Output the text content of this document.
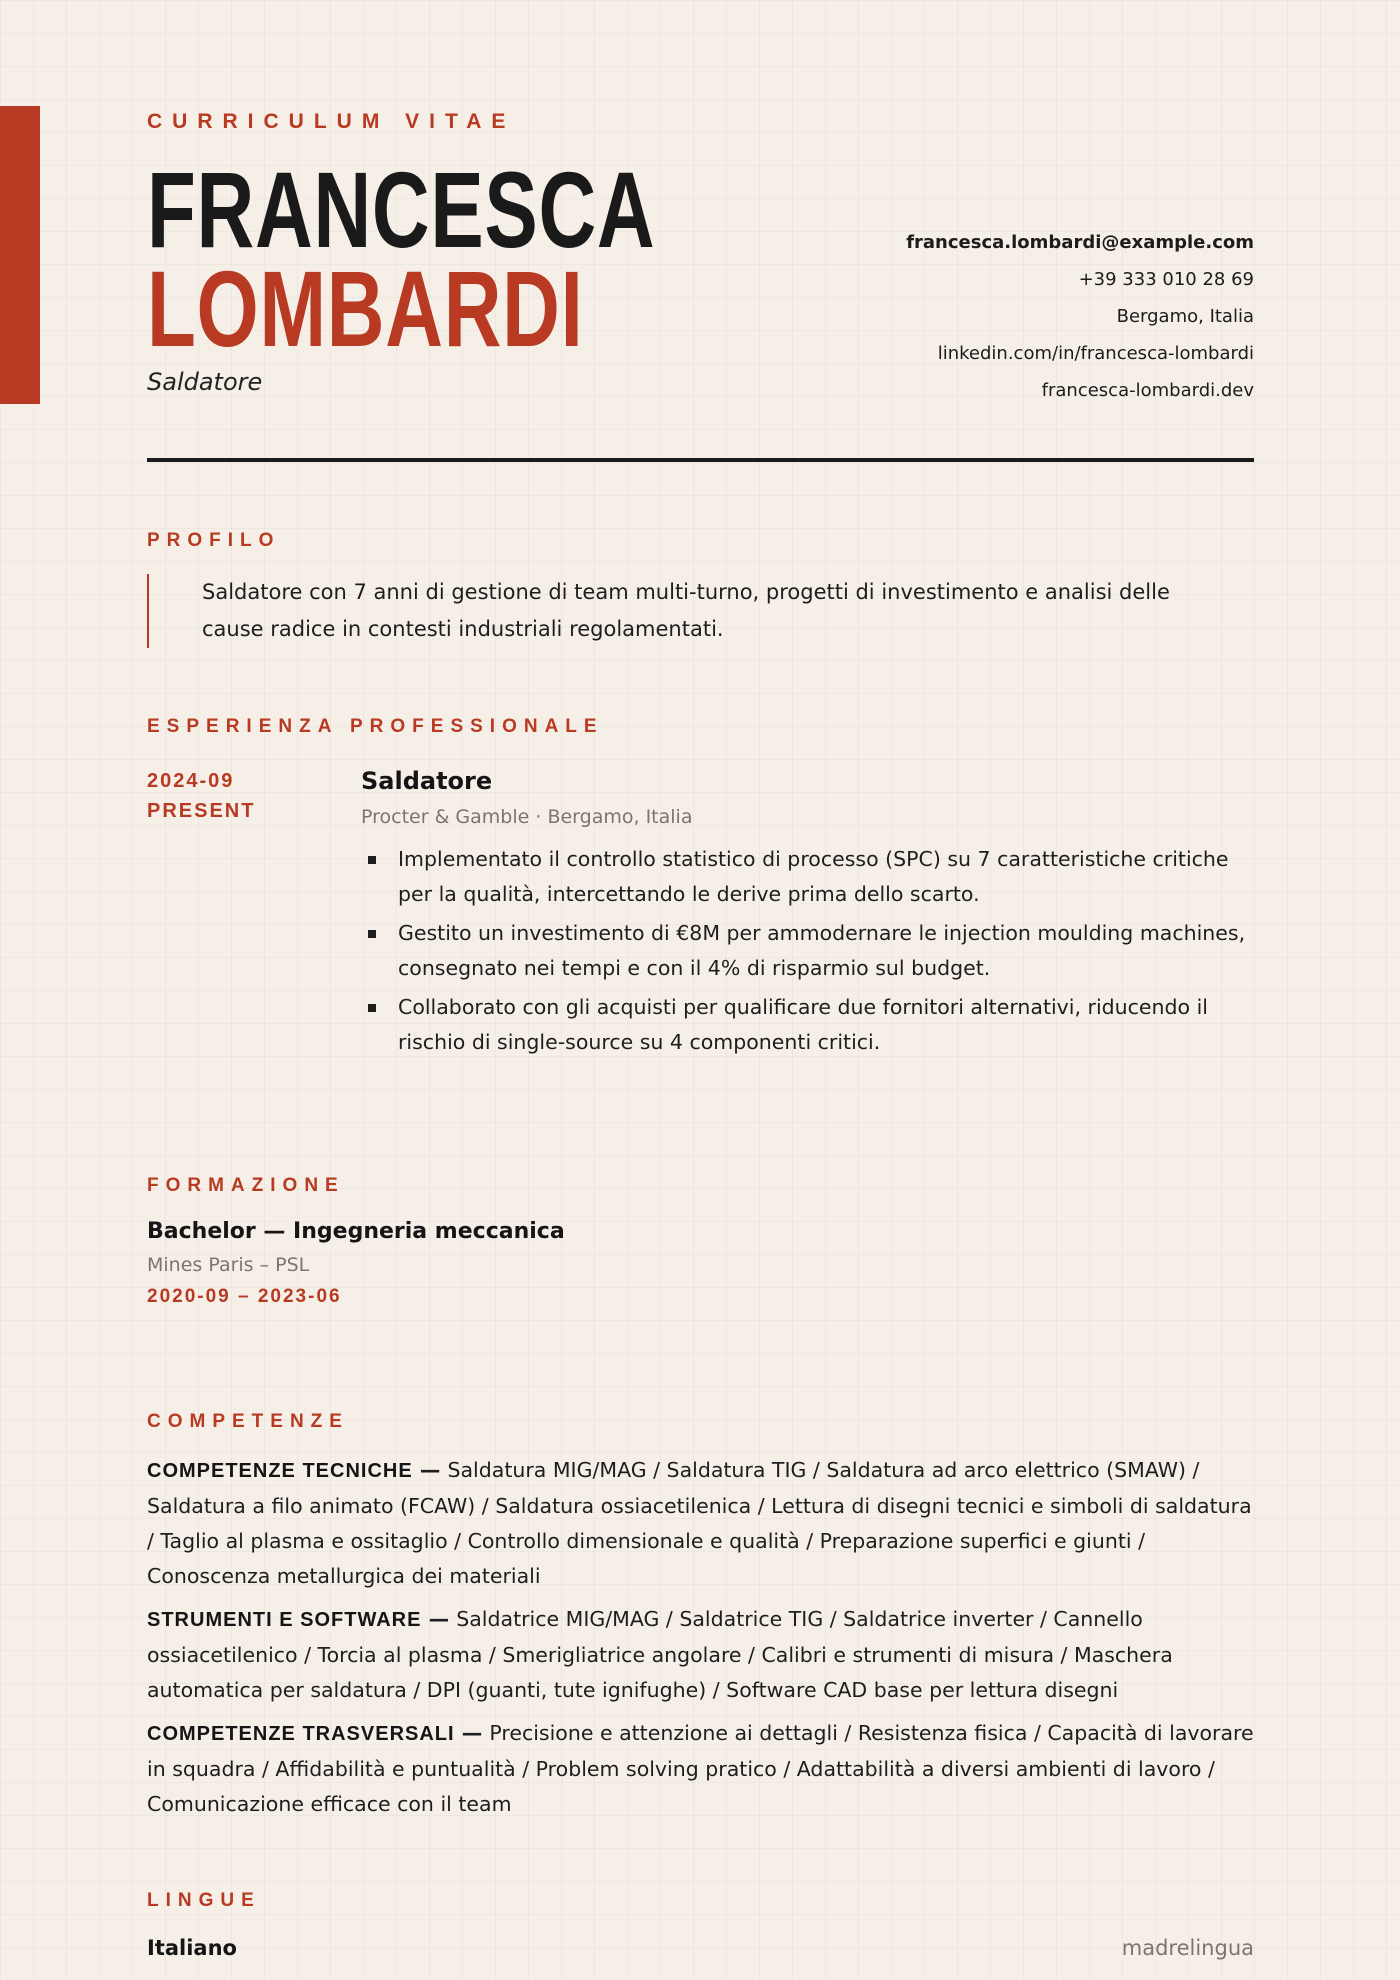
CURRICULUM VITAE

FRANCESCA
LOMBARDI

Saldatore

francesca.lombardi@example.com
+39 333 010 28 69
Bergamo, Italia
linkedin.com/in/francesca-lombardi
francesca-lombardi.dev
PROFILO
Saldatore con 7 anni di gestione di team multi-turno, progetti di investimento e analisi delle cause radice in contesti industriali regolamentati.
ESPERIENZA PROFESSIONALE
2024-09
PRESENT
Saldatore
Procter & Gamble · Bergamo, Italia
Implementato il controllo statistico di processo (SPC) su 7 caratteristiche critiche per la qualità, intercettando le derive prima dello scarto.
Gestito un investimento di €8M per ammodernare le injection moulding machines, consegnato nei tempi e con il 4% di risparmio sul budget.
Collaborato con gli acquisti per qualificare due fornitori alternativi, riducendo il rischio di single-source su 4 componenti critici.
FORMAZIONE
Bachelor — Ingegneria meccanica
Mines Paris – PSL
2020-09 – 2023-06
COMPETENZE
COMPETENZE TECNICHE — Saldatura MIG/MAG / Saldatura TIG / Saldatura ad arco elettrico (SMAW) / Saldatura a filo animato (FCAW) / Saldatura ossiacetilenica / Lettura di disegni tecnici e simboli di saldatura / Taglio al plasma e ossitaglio / Controllo dimensionale e qualità / Preparazione superfici e giunti / Conoscenza metallurgica dei materiali
STRUMENTI E SOFTWARE — Saldatrice MIG/MAG / Saldatrice TIG / Saldatrice inverter / Cannello ossiacetilenico / Torcia al plasma / Smerigliatrice angolare / Calibri e strumenti di misura / Maschera automatica per saldatura / DPI (guanti, tute ignifughe) / Software CAD base per lettura disegni
COMPETENZE TRASVERSALI — Precisione e attenzione ai dettagli / Resistenza fisica / Capacità di lavorare in squadra / Affidabilità e puntualità / Problem solving pratico / Adattabilità a diversi ambienti di lavoro / Comunicazione efficace con il team
LINGUE
Italiano	madrelingua
